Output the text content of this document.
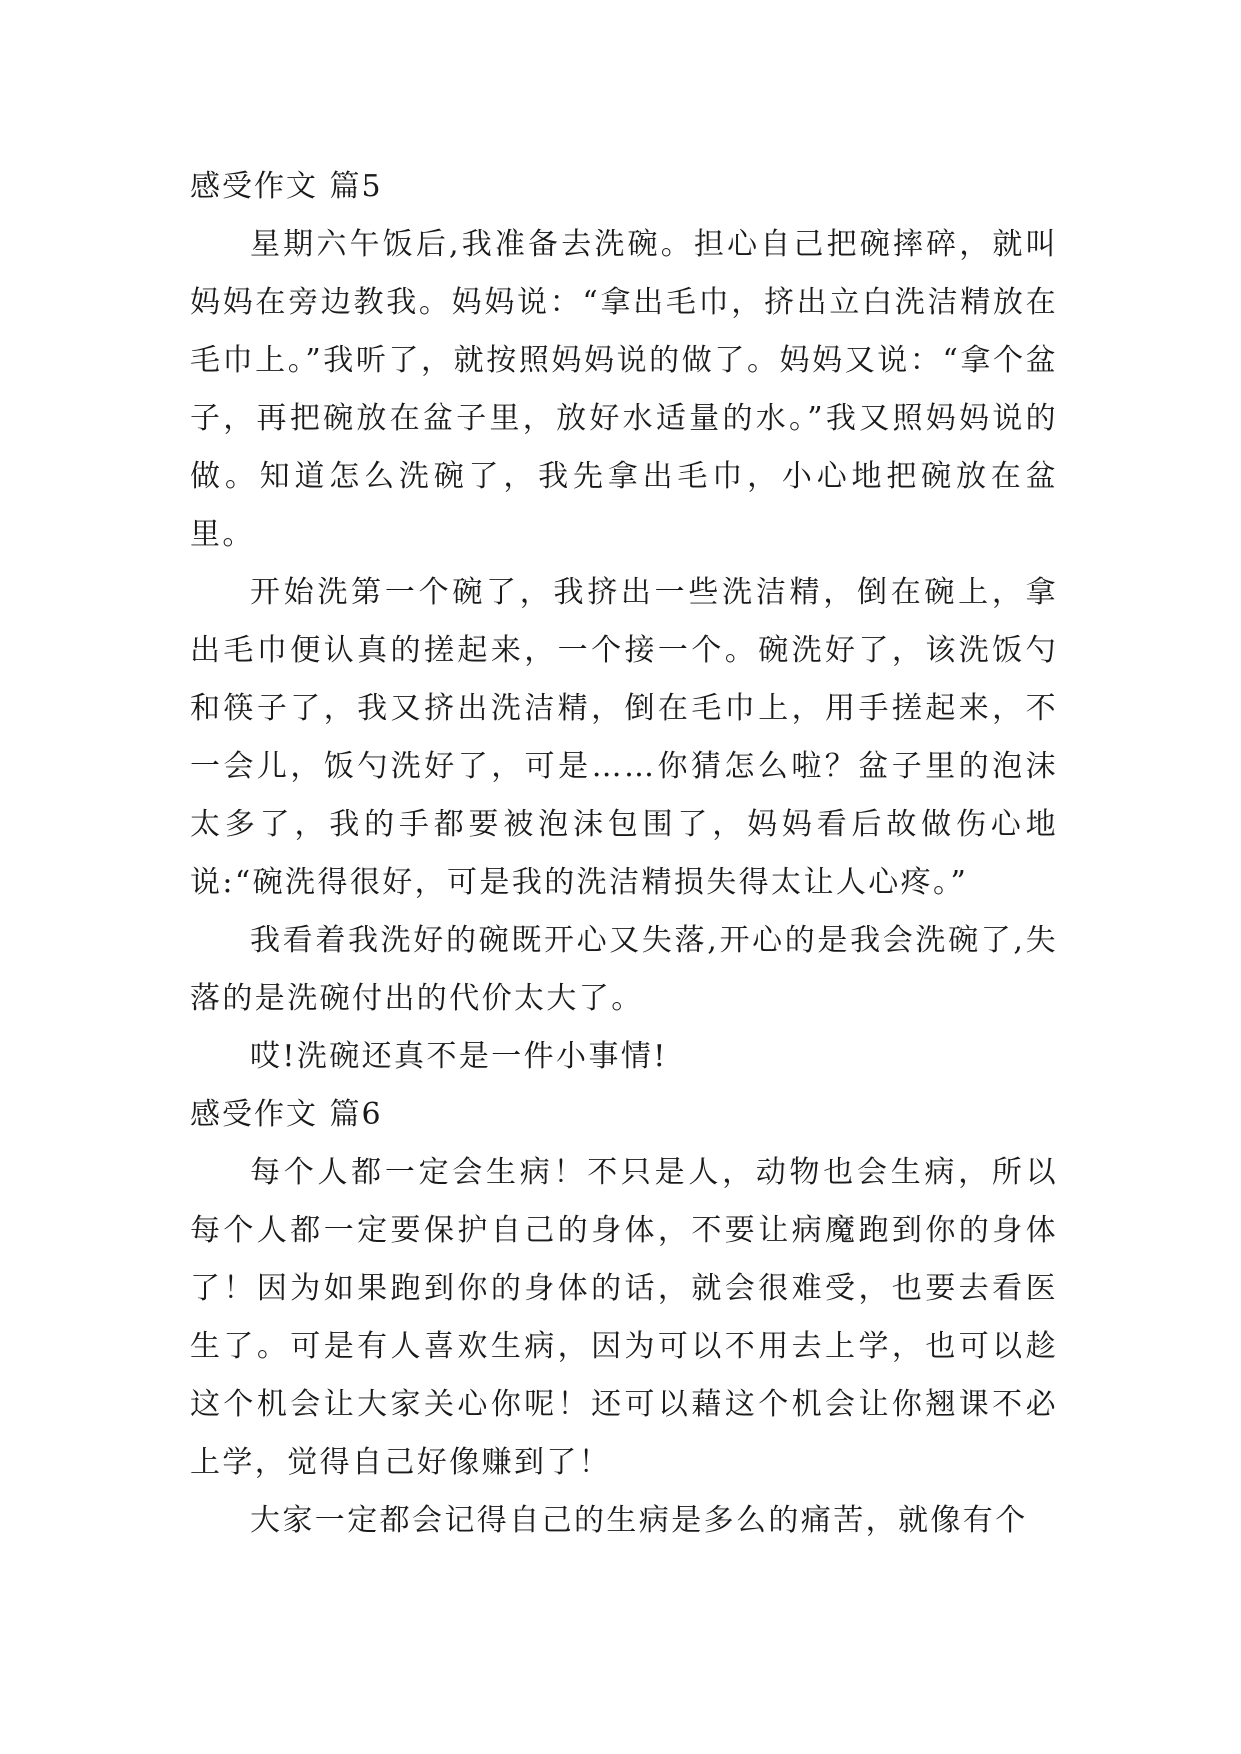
感受作文 篇5

星期六午饭后,我准备去洗碗。担心自己把碗摔碎，就叫妈妈在旁边教我。妈妈说：“拿出毛巾，挤出立白洗洁精放在毛巾上。”我听了，就按照妈妈说的做了。妈妈又说：“拿个盆子，再把碗放在盆子里，放好水适量的水。”我又照妈妈说的做。知道怎么洗碗了，我先拿出毛巾，小心地把碗放在盆里。

开始洗第一个碗了，我挤出一些洗洁精，倒在碗上，拿出毛巾便认真的搓起来，一个接一个。碗洗好了，该洗饭勺和筷子了，我又挤出洗洁精，倒在毛巾上，用手搓起来，不一会儿，饭勺洗好了，可是……你猜怎么啦？盆子里的泡沫太多了，我的手都要被泡沫包围了，妈妈看后故做伤心地说:“碗洗得很好，可是我的洗洁精损失得太让人心疼。”

我看着我洗好的碗既开心又失落,开心的是我会洗碗了,失落的是洗碗付出的代价太大了。

哎!洗碗还真不是一件小事情!

感受作文 篇6

每个人都一定会生病！不只是人，动物也会生病，所以每个人都一定要保护自己的身体，不要让病魔跑到你的身体了！因为如果跑到你的身体的话，就会很难受，也要去看医生了。可是有人喜欢生病，因为可以不用去上学，也可以趁这个机会让大家关心你呢！还可以藉这个机会让你翘课不必上学，觉得自己好像赚到了！

大家一定都会记得自己的生病是多么的痛苦，就像有个
